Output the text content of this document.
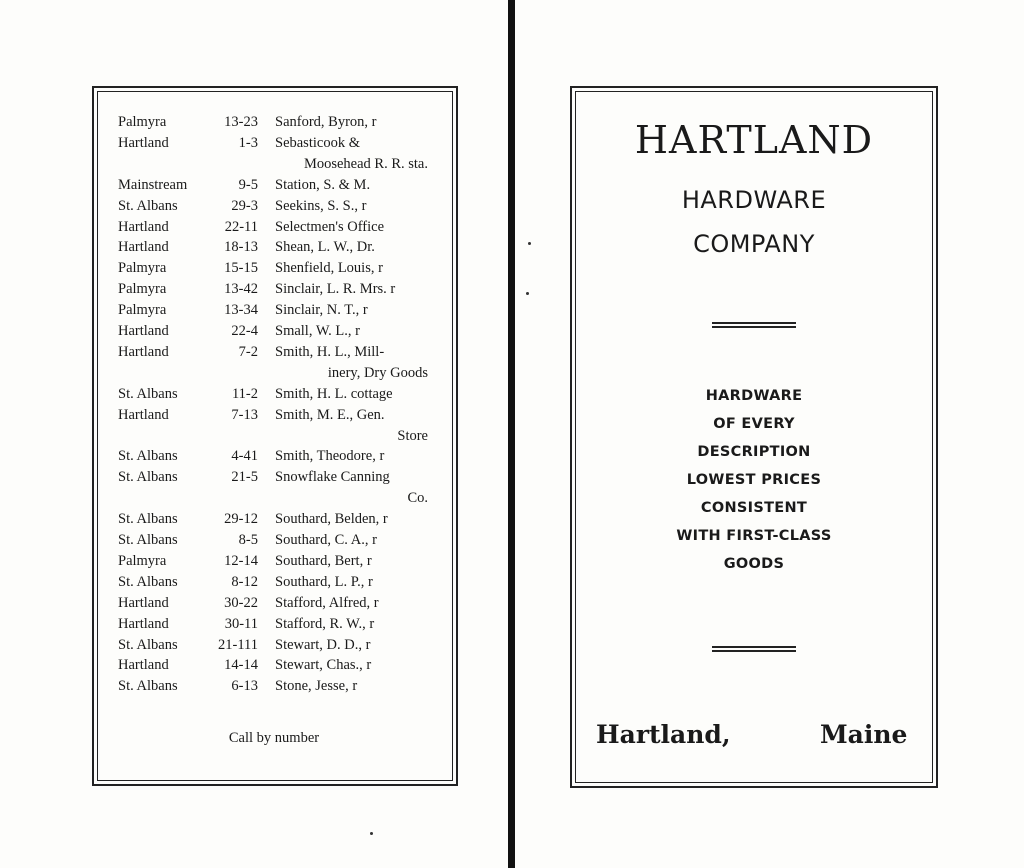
Palmyra	13-23 Sanford, Byron, r
Hartland	1-3 Sebasticook &
Moosehead R. R. sta.
Mainstream	9-5 Station, S. & M.
St. Albans	29-3 Seekins, S. S., r
Hartland	22-11 Selectmen's Office
Hartland	18-13 Shean, L. W., Dr.
Palmyra	15-15 Shenfield, Louis, r
Palmyra	13-42 Sinclair, L. R. Mrs. r
Palmyra	13-34 Sinclair, N. T., r
Hartland	22-4 Small, W. L., r
Hartland	7-2 Smith, H. L., Mill-
inery, Dry Goods
St. Albans	11-2 Smith, H. L. cottage
Hartland	7-13 Smith, M. E., Gen.
Store
St. Albans	4-41 Smith, Theodore, r
St. Albans	21-5 Snowflake Canning
Co.
St. Albans	29-12 Southard, Belden, r
St. Albans	8-5 Southard, C. A., r
Palmyra	12-14 Southard, Bert, r
St. Albans	8-12 Southard, L. P., r
Hartland	30-22 Stafford, Alfred, r
Hartland	30-11 Stafford, R. W., r
St. Albans	21-111 Stewart, D. D., r
Hartland	14-14 Stewart, Chas., r
St. Albans	6-13 Stone, Jesse, r
Call by number
HARTLAND
HARDWARE
COMPANY
HARDWARE
OF EVERY
DESCRIPTION
LOWEST PRICES
CONSISTENT
WITH FIRST-CLASS
GOODS
Hartland,	Maine
